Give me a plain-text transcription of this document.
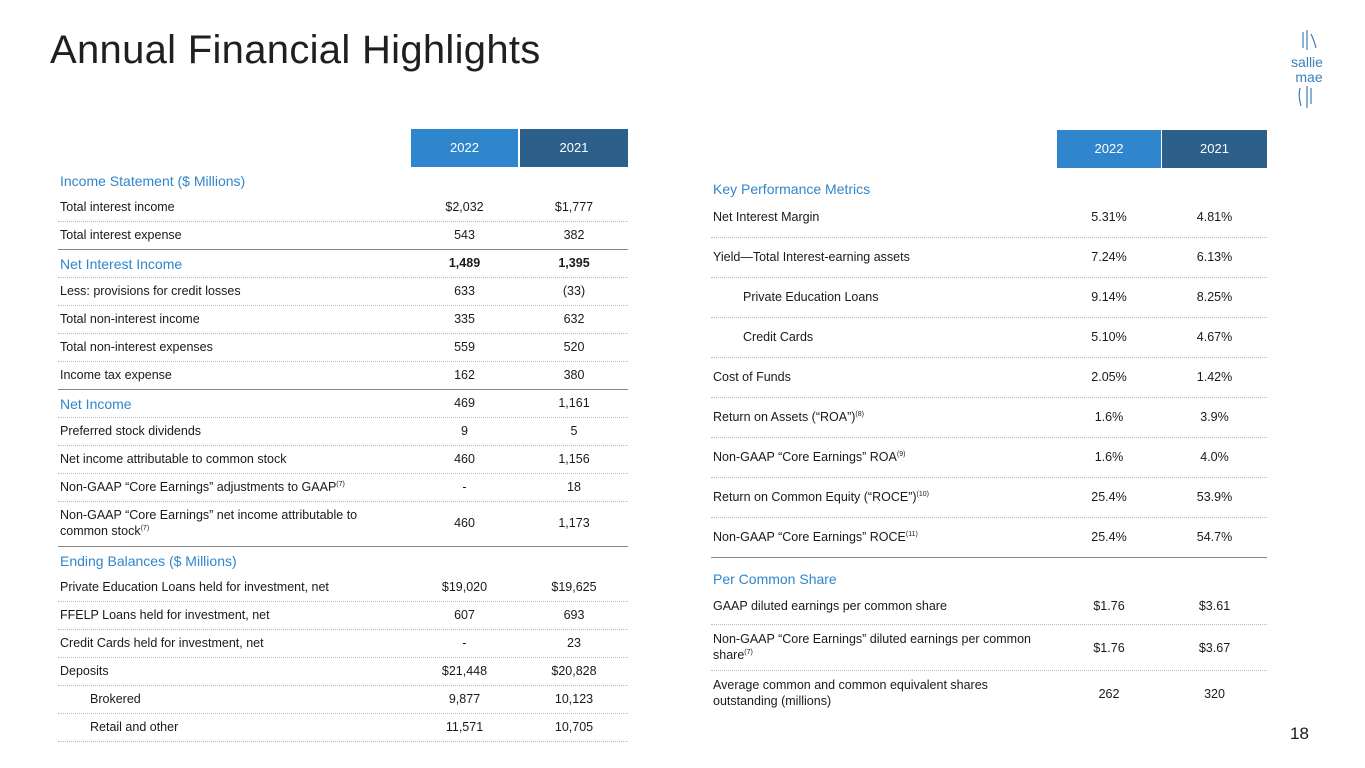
Annual Financial Highlights	sallie
mae
2022	2021
Income Statement ($ Millions)
Total interest income	$2,032	$1,777
Total interest expense	543	382
Net Interest Income	1,489	1,395
Less: provisions for credit losses	633	(33)
Total non-interest income	335	632
Total non-interest expenses	559	520
Income tax expense	162	380
Net Income	469	1,161
Preferred stock dividends	9	5
Net income attributable to common stock	460	1,156
Non-GAAP “Core Earnings” adjustments to GAAP$^{(7)}$	-	18
Non-GAAP “Core Earnings” net income attributable to common stock$^{(7)}$	460	1,173
Ending Balances ($ Millions)
Private Education Loans held for investment, net	$19,020	$19,625
FFELP Loans held for investment, net	607	693
Credit Cards held for investment, net	-	23
Deposits	$21,448	$20,828
Brokered	9,877	10,123
Retail and other	11,571	10,705
2022	2021
Key Performance Metrics
Net Interest Margin	5.31%	4.81%
Yield—Total Interest-earning assets	7.24%	6.13%
Private Education Loans	9.14%	8.25%
Credit Cards	5.10%	4.67%
Cost of Funds	2.05%	1.42%
Return on Assets (“ROA”)$^{(8)}$	1.6%	3.9%
Non-GAAP “Core Earnings” ROA$^{(9)}$	1.6%	4.0%
Return on Common Equity (“ROCE”)$^{(10)}$	25.4%	53.9%
Non-GAAP “Core Earnings” ROCE$^{(11)}$	25.4%	54.7%
Per Common Share
GAAP diluted earnings per common share	$1.76	$3.61
Non-GAAP “Core Earnings” diluted earnings per common share$^{(7)}$	$1.76	$3.67
Average common and common equivalent shares outstanding (millions)	262	320
18
